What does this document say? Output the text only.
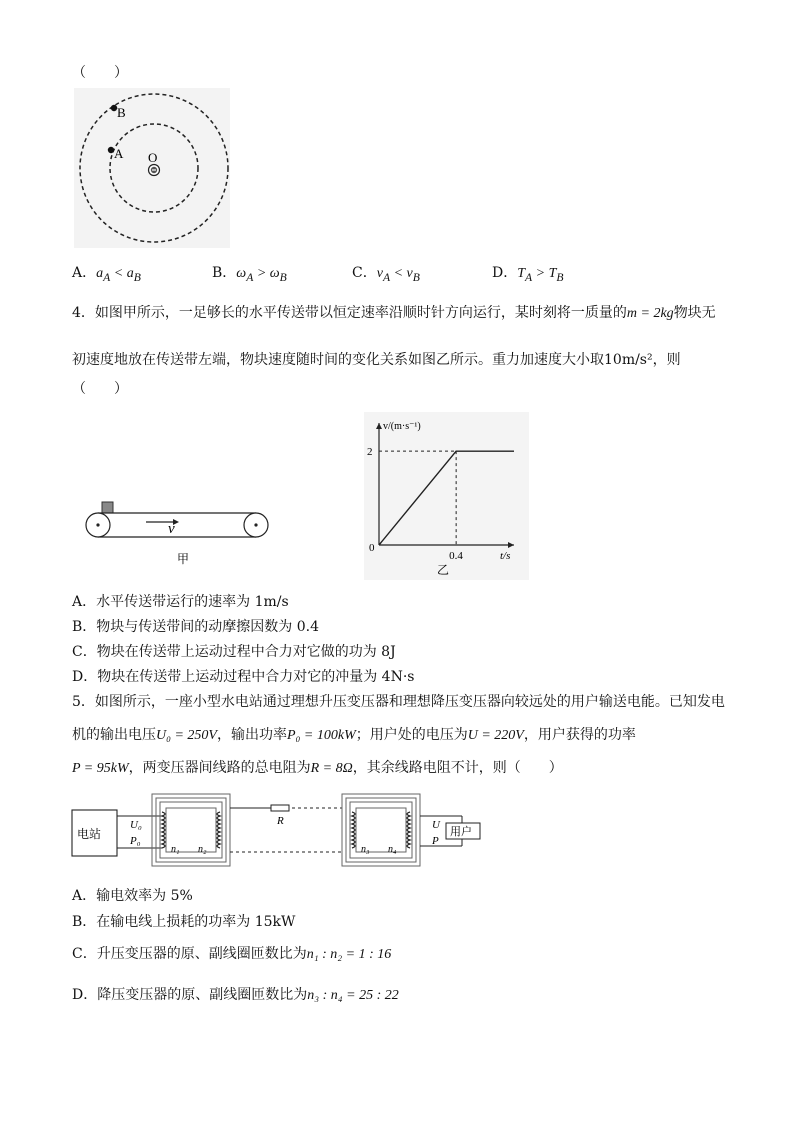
（　　）
B
A O
A．$a_A < a_B$	B．$\omega_A > \omega_B$	C．$v_A < v_B$	D．$T_A > T_B$
4．如图甲所示，一足够长的水平传送带以恒定速率沿顺时针方向运行，某时刻将一质量的m = 2kg物块无
初速度地放在传送带左端，物块速度随时间的变化关系如图乙所示。重力加速度大小取10m/s²，则
（　　）
v
甲
v/(m·s⁻¹)
t/s
0
2
0.4
乙
A．水平传送带运行的速率为 1m/s
B．物块与传送带间的动摩擦因数为 0.4
C．物块在传送带上运动过程中合力对它做的功为 8J
D．物块在传送带上运动过程中合力对它的冲量为 4N·s
5．如图所示，一座小型水电站通过理想升压变压器和理想降压变压器向较远处的用户输送电能。已知发电
机的输出电压U₀ = 250V，输出功率P₀ = 100kW；用户处的电压为U = 220V，用户获得的功率
P = 95kW，两变压器间线路的总电阻为R = 8Ω，其余线路电阻不计，则（　　）
电站
U₀
P₀
n₁ n₂
R
n₃ n₄
U
P
用户
A．输电效率为 5%
B．在输电线上损耗的功率为 15kW
C．升压变压器的原、副线圈匝数比为n₁ : n₂ = 1 : 16
D．降压变压器的原、副线圈匝数比为n₃ : n₄ = 25 : 22
